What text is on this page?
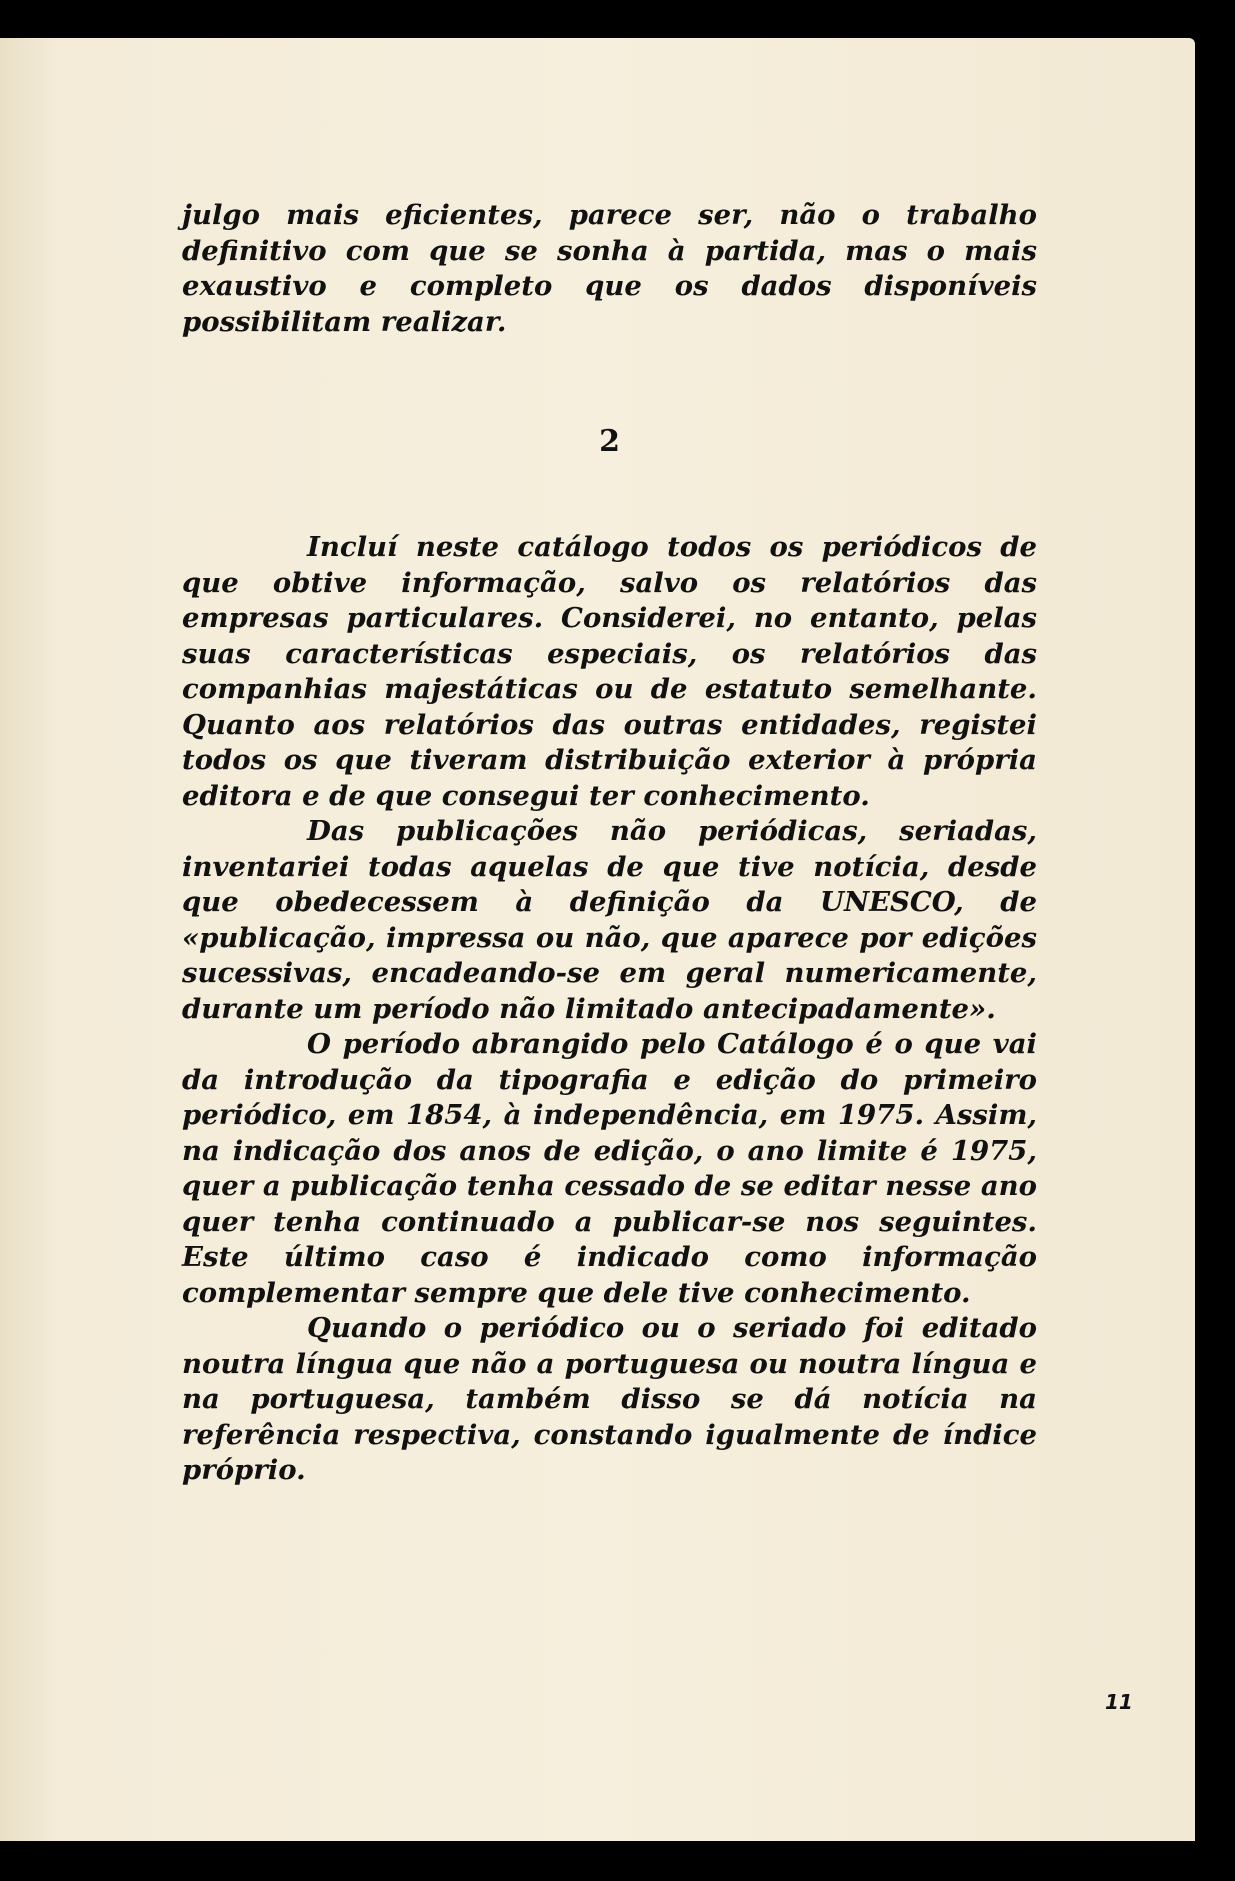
julgo mais eficientes, parece ser, não o trabalho definitivo com que se sonha à partida, mas o mais exaustivo e completo que os dados disponíveis possibilitam realizar.

2

Incluí neste catálogo todos os periódicos de que obtive informação, salvo os relatórios das empresas particulares. Considerei, no entanto, pelas suas características especiais, os relatórios das companhias majestáticas ou de estatuto semelhante. Quanto aos relatórios das outras entidades, registei todos os que tiveram distribuição exterior à própria editora e de que consegui ter conhecimento.

Das publicações não periódicas, seriadas, inventariei todas aquelas de que tive notícia, desde que obedecessem à definição da UNESCO, de «publicação, impressa ou não, que aparece por edições sucessivas, encadeando-se em geral numericamente, durante um período não limitado antecipadamente».

O período abrangido pelo Catálogo é o que vai da introdução da tipografia e edição do primeiro periódico, em 1854, à independência, em 1975. Assim, na indicação dos anos de edição, o ano limite é 1975, quer a publicação tenha cessado de se editar nesse ano quer tenha continuado a publicar-se nos seguintes. Este último caso é indicado como informação complementar sempre que dele tive conhecimento.

Quando o periódico ou o seriado foi editado noutra língua que não a portuguesa ou noutra língua e na portuguesa, também disso se dá notícia na referência respectiva, constando igualmente de índice próprio.

11
